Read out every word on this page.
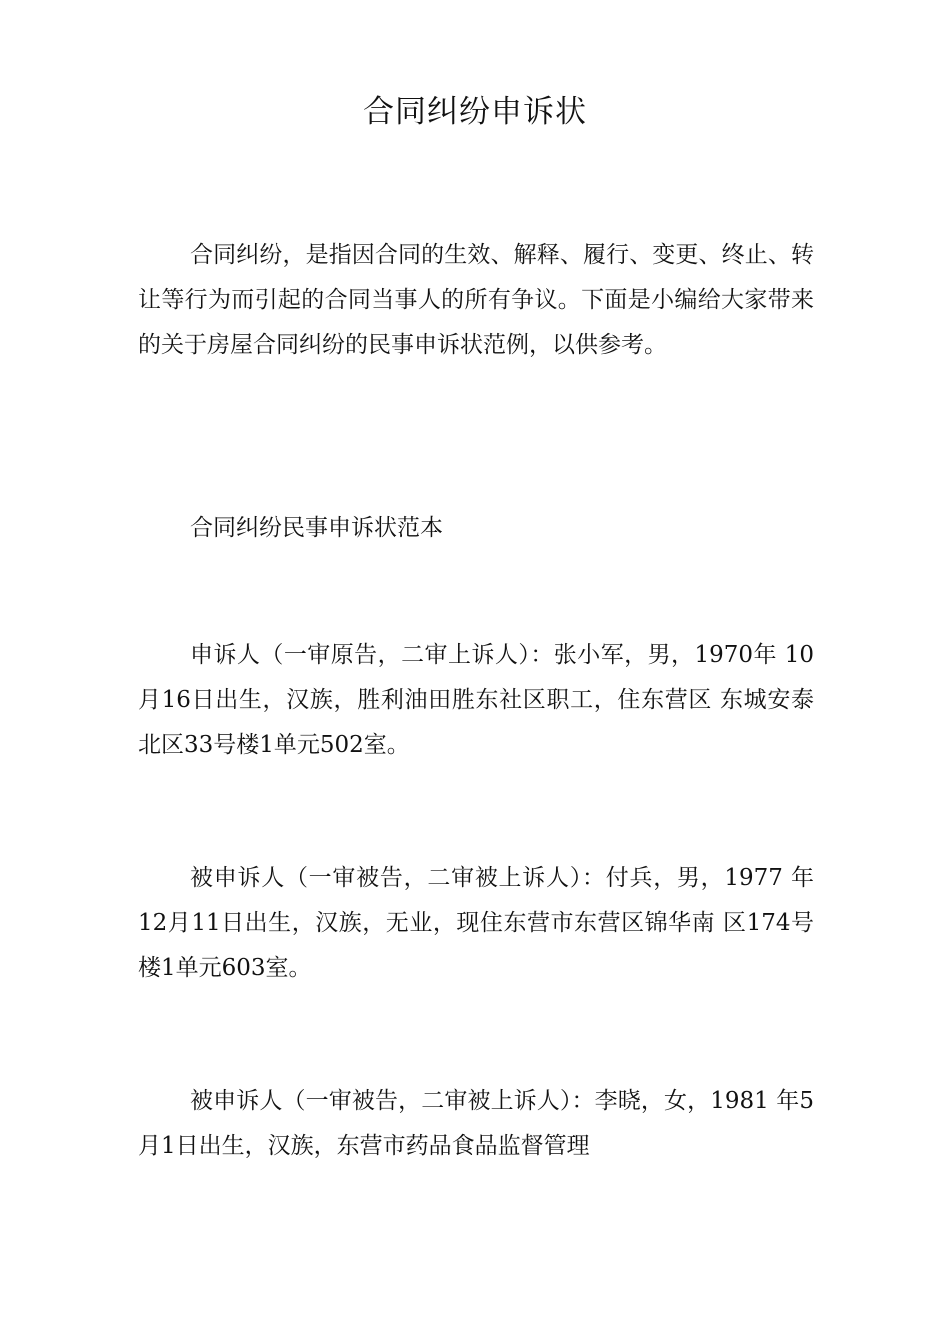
合同纠纷申诉状
合同纠纷，是指因合同的生效、解释、履行、变更、终止、转让等行为而引起的合同当事人的所有争议。下面是小编给大家带来的关于房屋合同纠纷的民事申诉状范例，以供参考。
合同纠纷民事申诉状范本
申诉人（一审原告，二审上诉人）：张小军，男，1970年 10月16日出生，汉族，胜利油田胜东社区职工，住东营区 东城安泰北区33号楼1单元502室。
被申诉人（一审被告，二审被上诉人）：付兵，男，1977 年12月11日出生，汉族，无业，现住东营市东营区锦华南 区174号楼1单元603室。
被申诉人（一审被告，二审被上诉人）：李晓，女，1981 年5月1日出生，汉族，东营市药品食品监督管理
